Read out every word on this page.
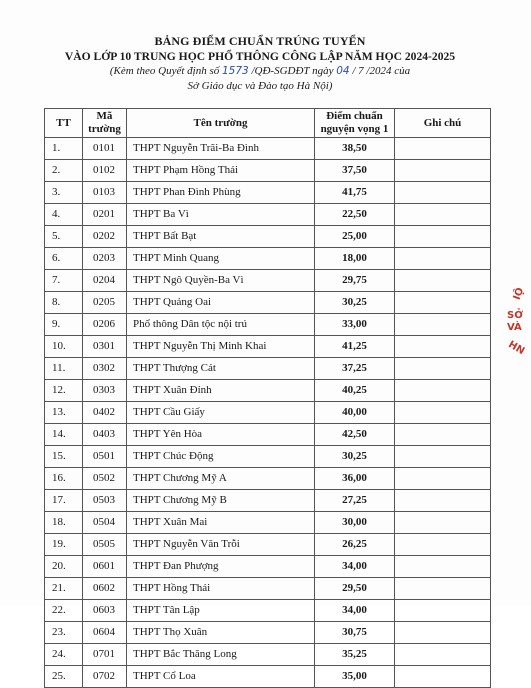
BẢNG ĐIỂM CHUẨN TRÚNG TUYỂN
VÀO LỚP 10 TRUNG HỌC PHỔ THÔNG CÔNG LẬP NĂM HỌC 2024-2025
(Kèm theo Quyết định số 1573 /QĐ-SGDĐT ngày 04 / 7 /2024 của
Sở Giáo dục và Đào tạo Hà Nội)
TT	Mã trường	Tên trường	Điểm chuẩn nguyện vọng 1	Ghi chú
1.	0101	THPT Nguyễn Trãi-Ba Đình	38,50	
2.	0102	THPT Phạm Hồng Thái	37,50	
3.	0103	THPT Phan Đình Phùng	41,75	
4.	0201	THPT Ba Vì	22,50	
5.	0202	THPT Bất Bạt	25,00	
6.	0203	THPT Minh Quang	18,00	
7.	0204	THPT Ngô Quyền-Ba Vì	29,75	
8.	0205	THPT Quảng Oai	30,25	
9.	0206	Phổ thông Dân tộc nội trú	33,00	
10.	0301	THPT Nguyễn Thị Minh Khai	41,25	
11.	0302	THPT Thượng Cát	37,25	
12.	0303	THPT Xuân Đỉnh	40,25	
13.	0402	THPT Cầu Giấy	40,00	
14.	0403	THPT Yên Hòa	42,50	
15.	0501	THPT Chúc Động	30,25	
16.	0502	THPT Chương Mỹ A	36,00	
17.	0503	THPT Chương Mỹ B	27,25	
18.	0504	THPT Xuân Mai	30,00	
19.	0505	THPT Nguyễn Văn Trỗi	26,25	
20.	0601	THPT Đan Phượng	34,00	
21.	0602	THPT Hồng Thái	29,50	
22.	0603	THPT Tân Lập	34,00	
23.	0604	THPT Thọ Xuân	30,75	
24.	0701	THPT Bắc Thăng Long	35,25	
25.	0702	THPT Cổ Loa	35,00	
IỘ
SỞ
VÀ
HN
